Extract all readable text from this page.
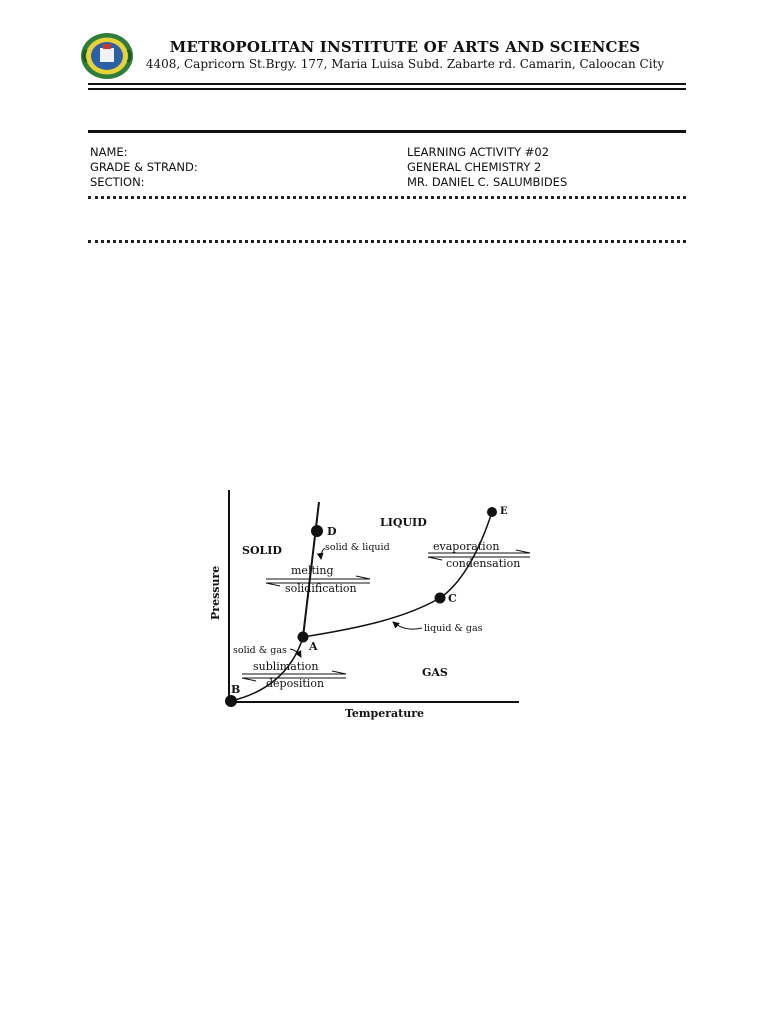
METROPOLITAN INSTITUTE OF ARTS AND SCIENCES
4408, Capricorn St.Brgy. 177, Maria Luisa Subd. Zabarte rd. Camarin, Caloocan City
NAME:
GRADE & STRAND:
SECTION:
LEARNING ACTIVITY #02
GENERAL CHEMISTRY 2
MR. DANIEL C. SALUMBIDES
B
A
D
C
E
SOLID
LIQUID
GAS
solid & liquid
liquid & gas
solid & gas
melting
solidification
evaporation
condensation
sublimation
deposition
Pressure
Temperature
